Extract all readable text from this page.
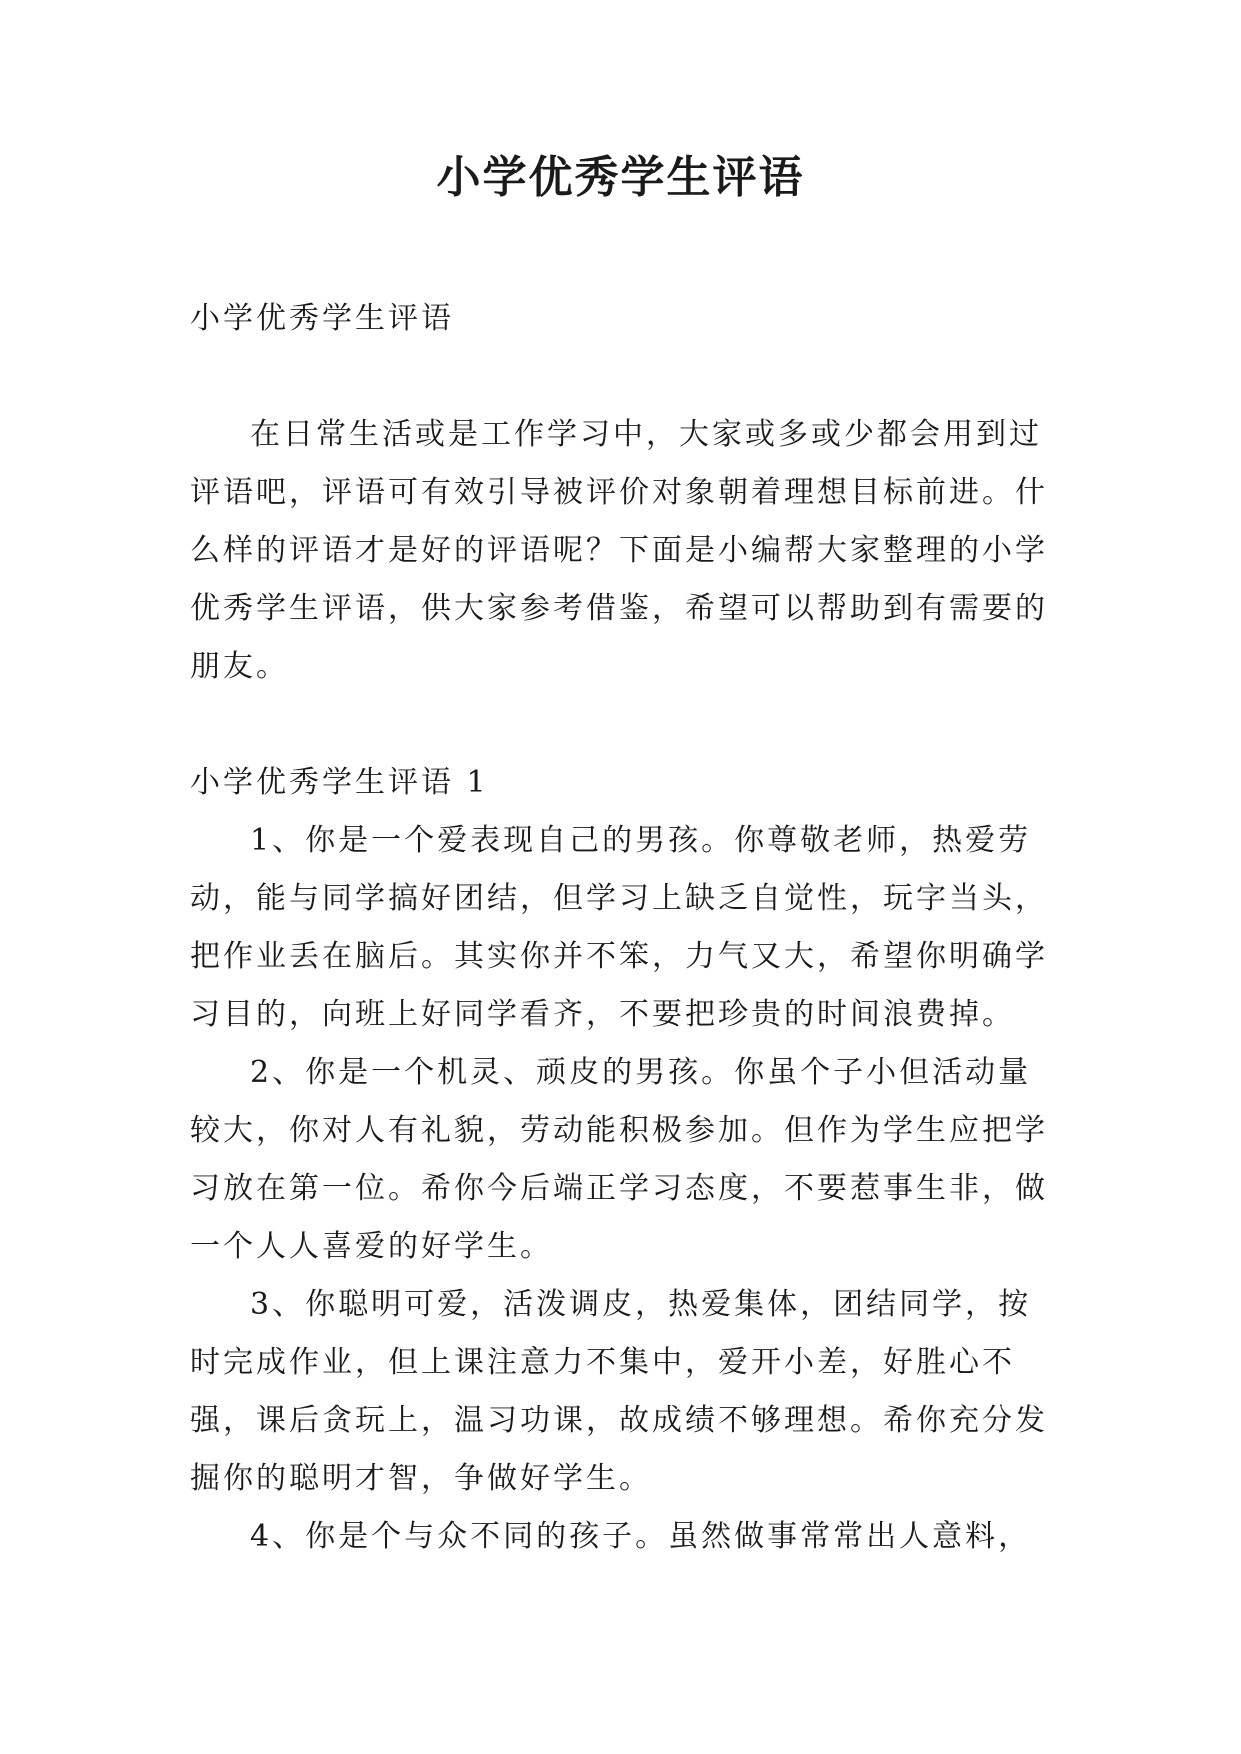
小学优秀学生评语

小学优秀学生评语

在日常生活或是工作学习中，大家或多或少都会用到过评语吧，评语可有效引导被评价对象朝着理想目标前进。什么样的评语才是好的评语呢？下面是小编帮大家整理的小学优秀学生评语，供大家参考借鉴，希望可以帮助到有需要的朋友。

小学优秀学生评语 1

1、你是一个爱表现自己的男孩。你尊敬老师，热爱劳动，能与同学搞好团结，但学习上缺乏自觉性，玩字当头，把作业丢在脑后。其实你并不笨，力气又大，希望你明确学习目的，向班上好同学看齐，不要把珍贵的时间浪费掉。

2、你是一个机灵、顽皮的男孩。你虽个子小但活动量较大，你对人有礼貌，劳动能积极参加。但作为学生应把学习放在第一位。希你今后端正学习态度，不要惹事生非，做一个人人喜爱的好学生。

3、你聪明可爱，活泼调皮，热爱集体，团结同学，按时完成作业，但上课注意力不集中，爱开小差，好胜心不强，课后贪玩上，温习功课，故成绩不够理想。希你充分发掘你的聪明才智，争做好学生。

4、你是个与众不同的孩子。虽然做事常常出人意料，
